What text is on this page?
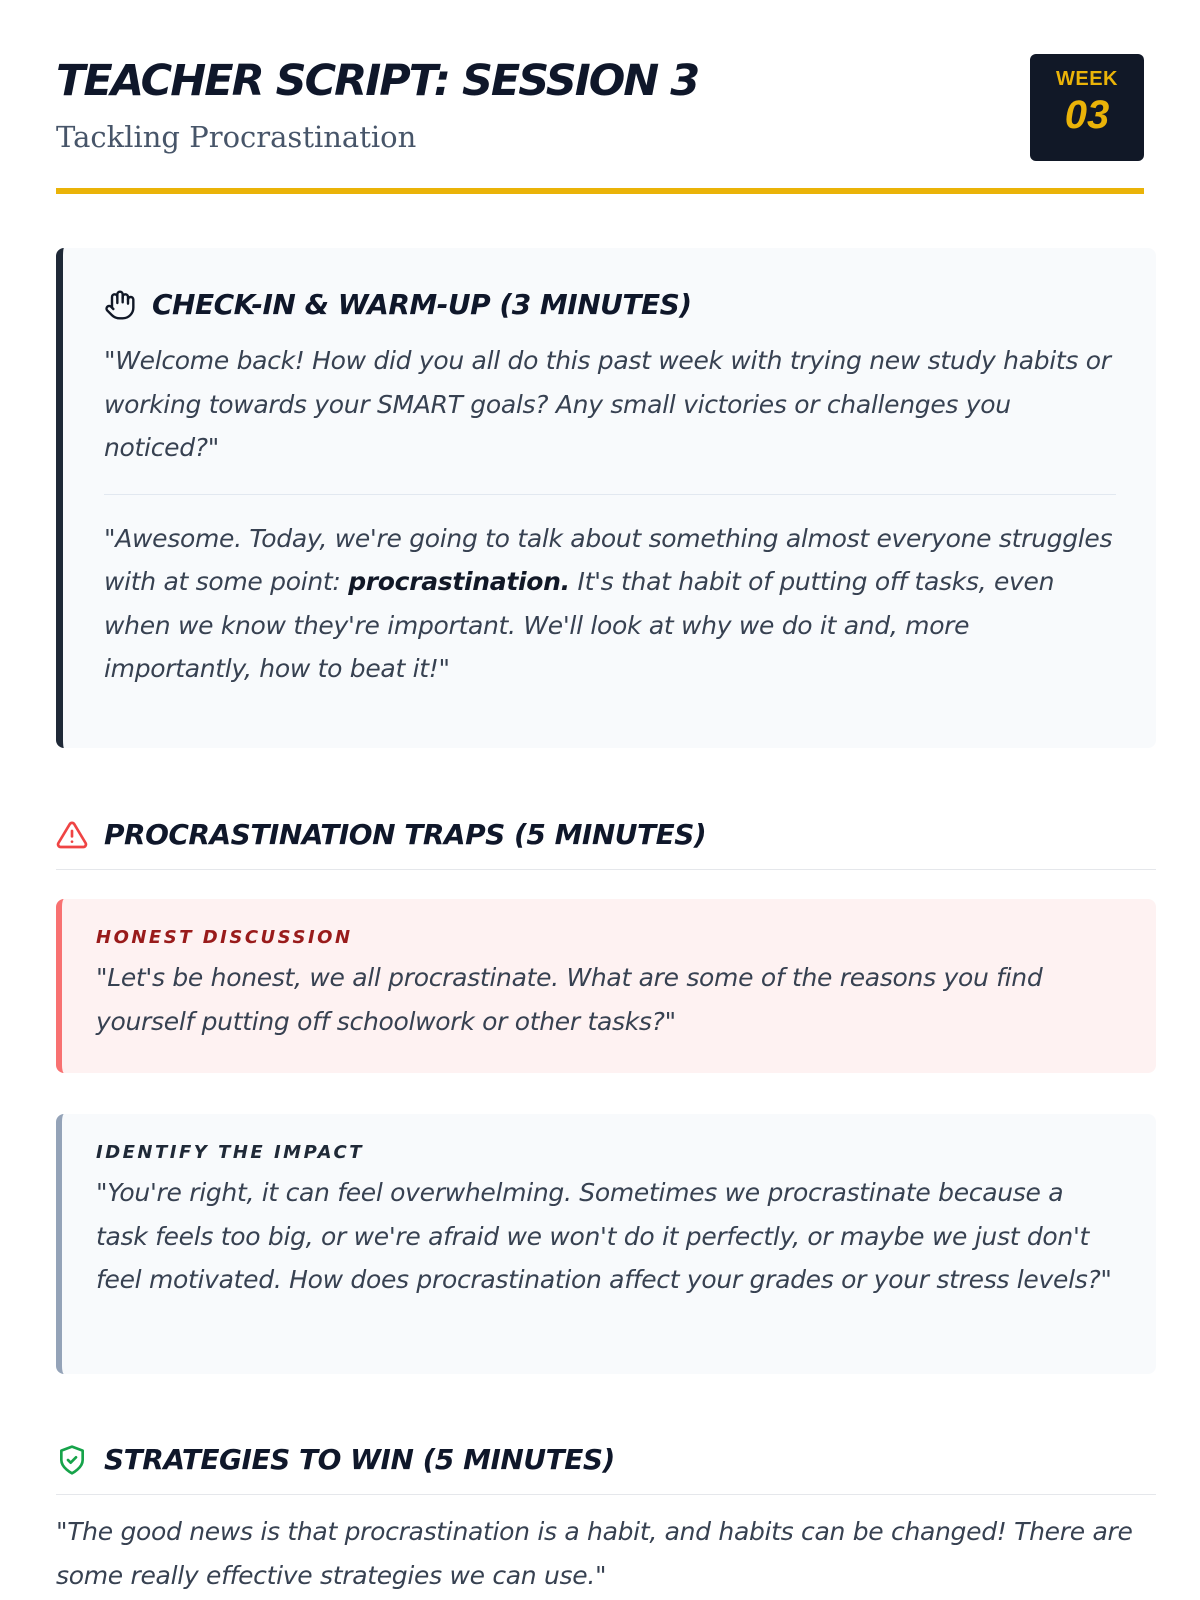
TEACHER SCRIPT: SESSION 3
Tackling Procrastination
WEEK
03
CHECK-IN & WARM-UP (3 MINUTES)

"Welcome back! How did you all do this past week with trying new study habits or working towards your SMART goals? Any small victories or challenges you noticed?"

"Awesome. Today, we're going to talk about something almost everyone struggles with at some point: procrastination. It's that habit of putting off tasks, even when we know they're important. We'll look at why we do it and, more importantly, how to beat it!"

PROCRASTINATION TRAPS (5 MINUTES)
HONEST DISCUSSION

"Let's be honest, we all procrastinate. What are some of the reasons you find yourself putting off schoolwork or other tasks?"

IDENTIFY THE IMPACT

"You're right, it can feel overwhelming. Sometimes we procrastinate because a task feels too big, or we're afraid we won't do it perfectly, or maybe we just don't feel motivated. How does procrastination affect your grades or your stress levels?"

STRATEGIES TO WIN (5 MINUTES)

"The good news is that procrastination is a habit, and habits can be changed! There are some really effective strategies we can use."
